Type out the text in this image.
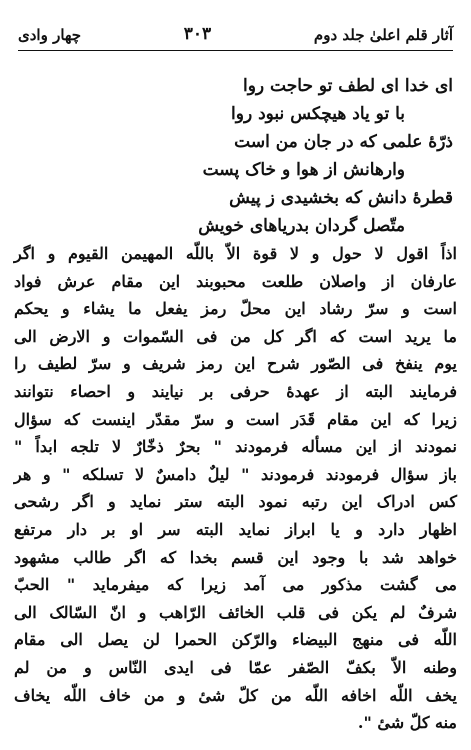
آثار قلم اعلیٰ جلد دوم
۳۰۳
چهار وادی
ای خدا ای لطف تو حاجت روا
با تو یاد هیچکس نبود روا
ذرّهٔ علمی که در جان من است
وارهانش از هوا و خاک پست
قطرهٔ دانش که بخشیدی ز پیش
متّصل گردان بدریاهای خویش
اذاً اقول لا حول و لا قوة الاّ باللّه المهیمن القیوم و اگر
عارفان از واصلان طلعت محبوبند این مقام عرش فواد
است و سرّ رشاد این محلّ رمز یفعل ما یشاء و یحکم
ما یرید است که اگر کل من فی السّموات و الارض الی
یوم ینفخ فی الصّور شرح این رمز شریف و سرّ لطیف را
فرمایند البته از عهدهٔ حرفی بر نیایند و احصاء نتوانند
زیرا که این مقام قَدَر است و سرّ مقدّر اینست که سؤال
نمودند از این مسأله فرمودند " بحرٌ ذخّارٌ لا تلجه ابداً "
باز سؤال فرمودند فرمودند " لیلٌ دامسٌ لا تسلکه " و هر
کس ادراک این رتبه نمود البته ستر نماید و اگر رشحی
اظهار دارد و یا ابراز نماید البته سر او بر دار مرتفع
خواهد شد با وجود این قسم بخدا که اگر طالب مشهود
می گشت مذکور می آمد زیرا که میفرماید " الحبّ
شرفٌ لم یکن فی قلب الخائف الرّاهب و انّ السّالک الی
اللّه فی منهج البیضاء والرّکن الحمرا لن یصل الی مقام
وطنه الاّ بکفّ الصّفر عمّا فی ایدی النّاس و من لم
یخف اللّه اخافه اللّه من کلّ شیٔ و من خاف اللّه یخاف
منه کلّ شیٔ ".
